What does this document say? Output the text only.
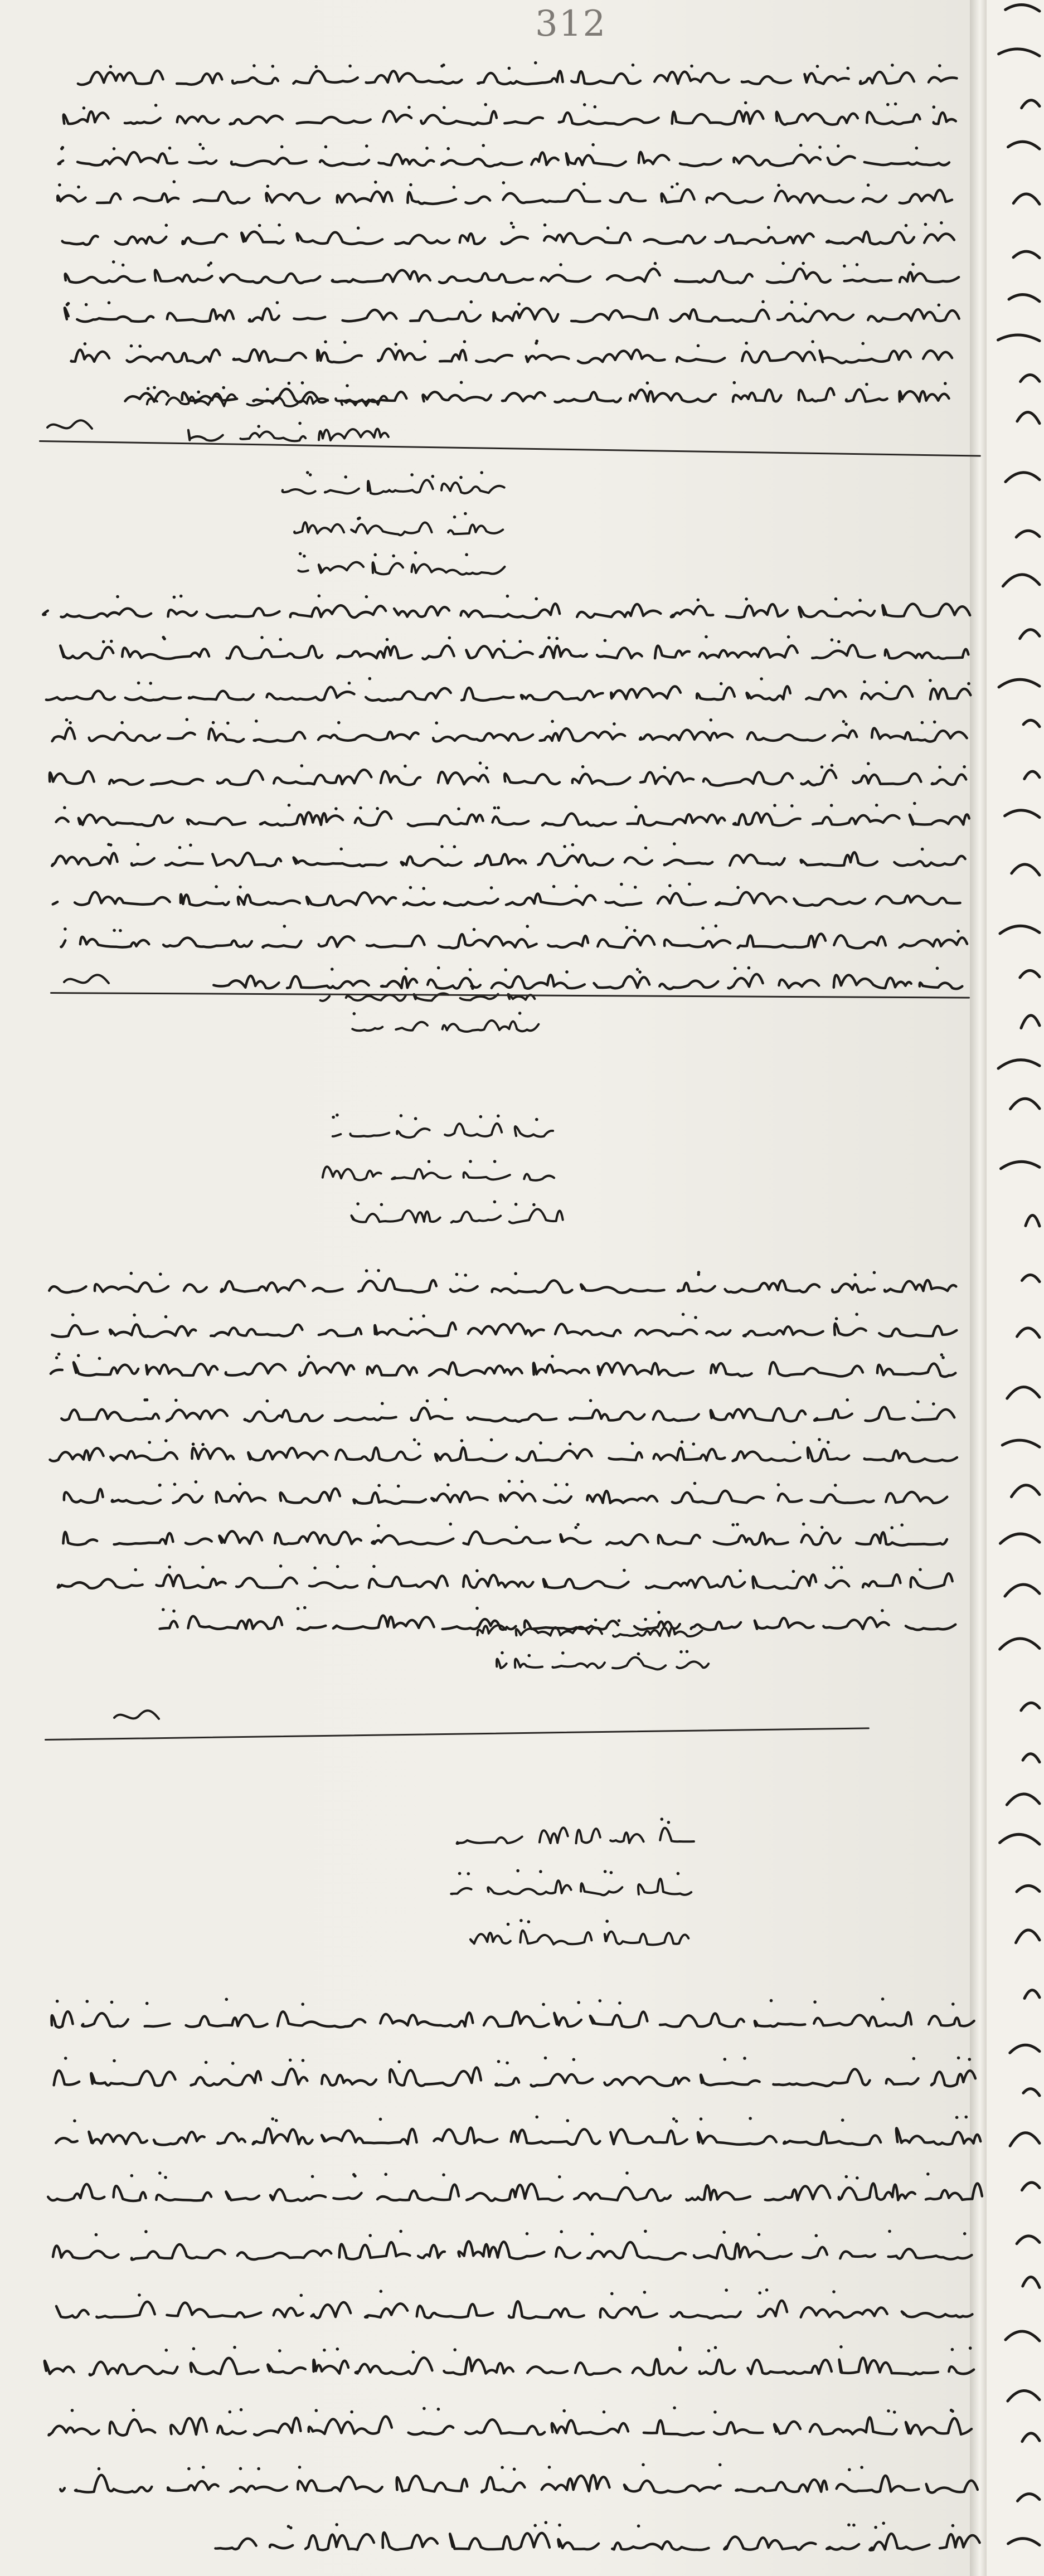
312
